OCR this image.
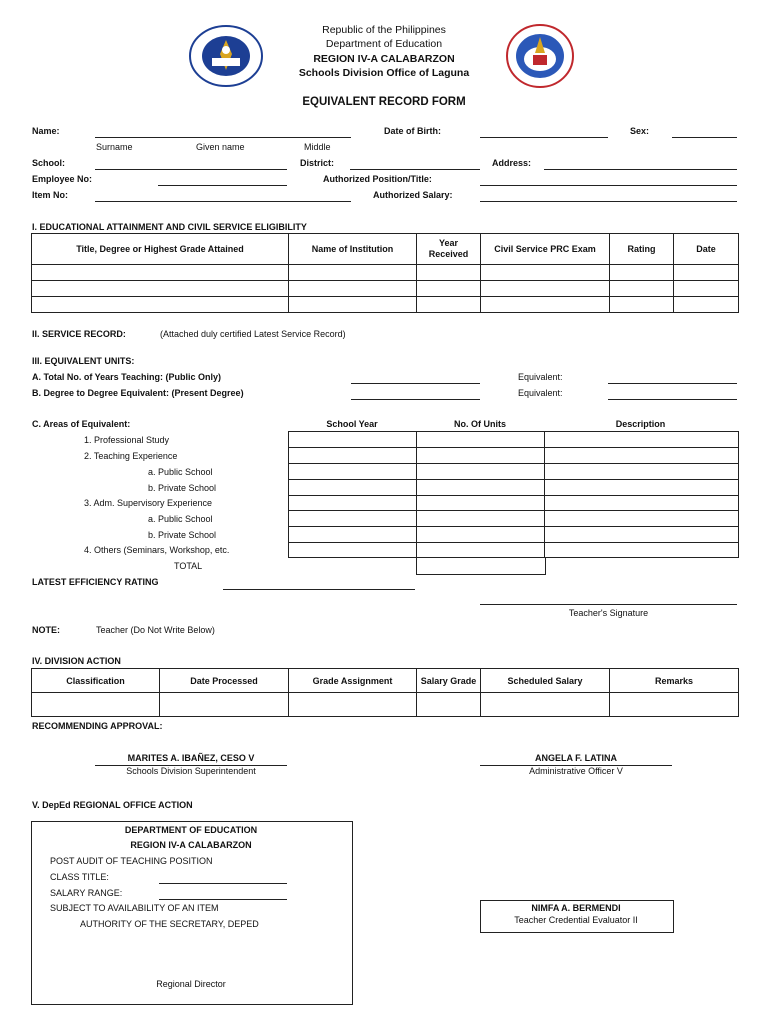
Republic of the Philippines
Department of Education
REGION IV-A CALABARZON
Schools Division Office of Laguna
EQUIVALENT RECORD FORM
Name:
Surname	Given name	Middle
Date of Birth:	Sex:
School:	District:	Address:
Employee No:	Authorized Position/Title:
Item No:	Authorized Salary:
I. EDUCATIONAL ATTAINMENT AND CIVIL SERVICE ELIGIBILITY
Title, Degree or Highest Grade Attained	Name of Institution	Year Received	Civil Service PRC Exam	Rating	Date

II. SERVICE RECORD:	(Attached duly certified Latest Service Record)
III. EQUIVALENT UNITS:
A. Total No. of Years Teaching: (Public Only)	Equivalent:
B. Degree to Degree Equivalent: (Present Degree)	Equivalent:
C. Areas of Equivalent:	School Year	No. Of Units	Description
1. Professional Study
2. Teaching Experience
a. Public School
b. Private School
3. Adm. Supervisory Experience
a. Public School
b. Private School
4. Others (Seminars, Workshop, etc.
TOTAL

LATEST EFFICIENCY RATING
Teacher's Signature
NOTE:	Teacher (Do Not Write Below)
IV. DIVISION ACTION
Classification	Date Processed	Grade Assignment	Salary Grade	Scheduled Salary	Remarks

RECOMMENDING APPROVAL:
MARITES A. IBAÑEZ, CESO V
Schools Division Superintendent
ANGELA F. LATINA
Administrative Officer V
V. DepEd REGIONAL OFFICE ACTION
DEPARTMENT OF EDUCATION
REGION IV-A CALABARZON
POST AUDIT OF TEACHING POSITION
CLASS TITLE:
SALARY RANGE:
SUBJECT TO AVAILABILITY OF AN ITEM
AUTHORITY OF THE SECRETARY, DEPED
Regional Director
NIMFA A. BERMENDI
Teacher Credential Evaluator II
